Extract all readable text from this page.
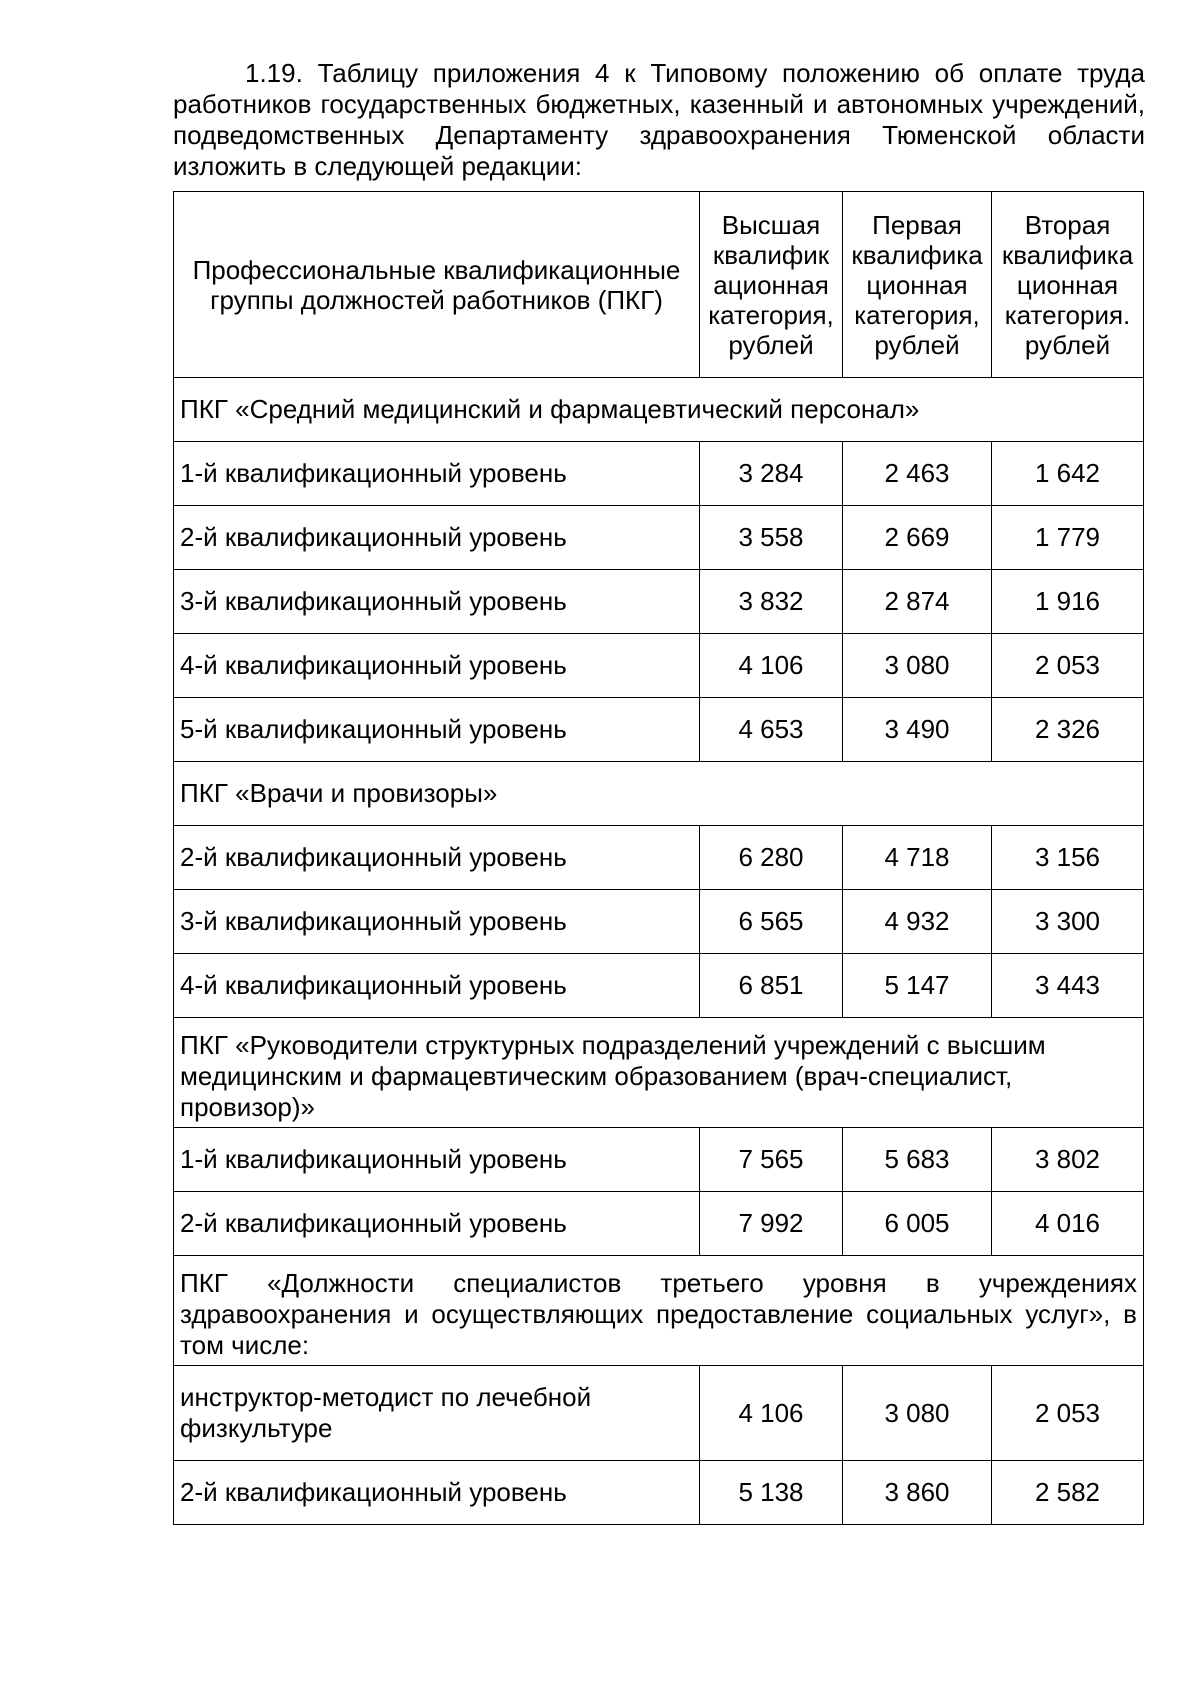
1.19. Таблицу приложения 4 к Типовому положению об оплате труда работников государственных бюджетных, казенный и автономных учреждений, подведомственных Департаменту здравоохранения Тюменской области изложить в следующей редакции:

Профессиональные квалификационные группы должностей работников (ПКГ)	Высшая квалифик ационная категория, рублей	Первая квалифика ционная категория, рублей	Вторая квалифика ционная категория. рублей
ПКГ «Средний медицинский и фармацевтический персонал»			
1-й квалификационный уровень	3 284	2 463	1 642
2-й квалификационный уровень	3 558	2 669	1 779
3-й квалификационный уровень	3 832	2 874	1 916
4-й квалификационный уровень	4 106	3 080	2 053
5-й квалификационный уровень	4 653	3 490	2 326
ПКГ «Врачи и провизоры»			
2-й квалификационный уровень	6 280	4 718	3 156
3-й квалификационный уровень	6 565	4 932	3 300
4-й квалификационный уровень	6 851	5 147	3 443
ПКГ «Руководители структурных подразделений учреждений с высшим медицинским и фармацевтическим образованием (врач-специалист, провизор)»			
1-й квалификационный уровень	7 565	5 683	3 802
2-й квалификационный уровень	7 992	6 005	4 016
ПКГ «Должности специалистов третьего уровня в учреждениях здравоохранения и осуществляющих предоставление социальных услуг», в том числе:			
инструктор-методист по лечебной физкультуре	4 106	3 080	2 053
2-й квалификационный уровень	5 138	3 860	2 582
